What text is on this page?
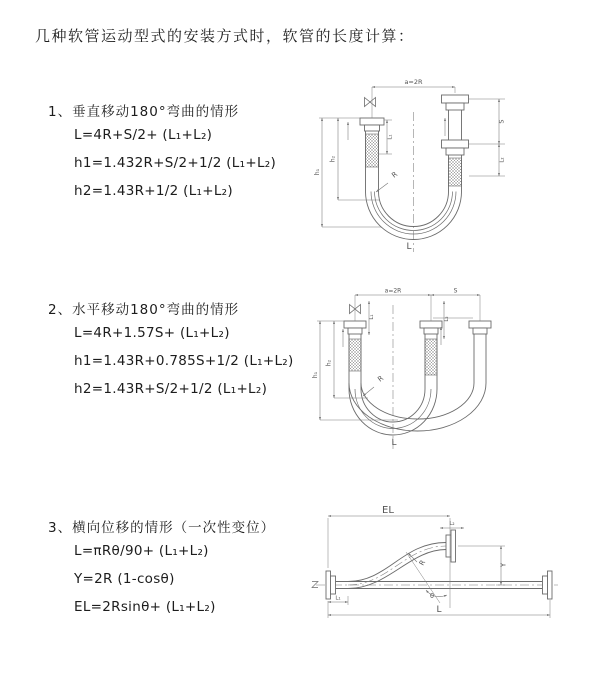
几种软管运动型式的安装方式时，软管的长度计算：

1、垂直移动180°弯曲的情形

L=4R+S/2+ (L₁+L₂)

h1=1.432R+S/2+1/2 (L₁+L₂)

h2=1.43R+1/2 (L₁+L₂)

2、水平移动180°弯曲的情形

L=4R+1.57S+ (L₁+L₂)

h1=1.43R+0.785S+1/2 (L₁+L₂)

h2=1.43R+S/2+1/2 (L₁+L₂)

3、横向位移的情形（一次性变位）

L=πRθ/90+ (L₁+L₂)

Y=2R (1-cosθ)

EL=2Rsinθ+ (L₁+L₂)

a=2R
S
L₂
h₁
h₂
L₁
R
L
a=2R	S
h₁
h₂
L₁	L₂
R
L
θ
EL
L₂
Y
L
L₁
R
